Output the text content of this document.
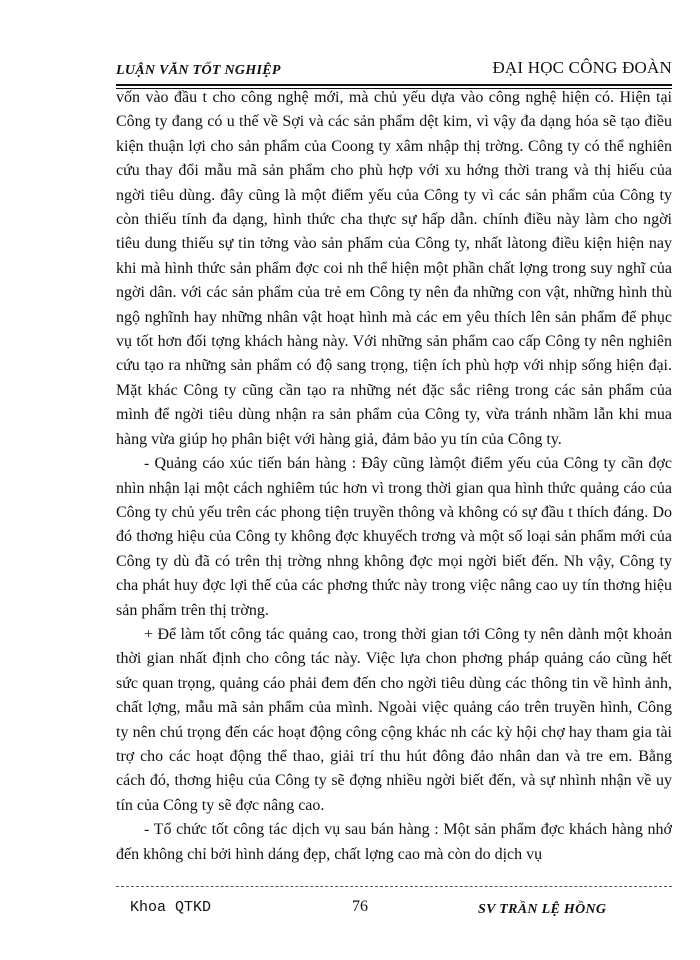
LUẬN VĂN TỐT NGHIỆP	ĐẠI HỌC CÔNG ĐOÀN

vốn vào đầu t cho công nghệ mới, mà chủ yếu dựa vào công nghệ hiện có. Hiện tại Công ty đang có u thế về Sợi và các sản phẩm dệt kim, vì vậy đa dạng hóa sẽ tạo điều kiện thuận lợi cho sản phẩm của Coong ty xâm nhập thị trờng. Công ty có thể nghiên cứu thay đổi mẫu mã sản phẩm cho phù hợp với xu hớng thời trang và thị hiếu của ngời tiêu dùng. đây cũng là một điểm yếu của Công ty vì các sản phẩm của Công ty còn thiếu tính đa dạng, hình thức cha thực sự hấp dẫn. chính điều này làm cho ngời tiêu dung thiếu sự tin tởng vào sản phẩm của Công ty, nhất làtong điều kiện hiện nay khi mà hình thức sản phẩm đợc coi nh thể hiện một phần chất lợng trong suy nghĩ của ngời dân. với các sản phẩm của trẻ em Công ty nên đa những con vật, những hình thù ngộ nghĩnh hay những nhân vật hoạt hình mà các em yêu thích lên sản phẩm để phục vụ tốt hơn đối tợng khách hàng này. Với những sản phẩm cao cấp Công ty nên nghiên cứu tạo ra những sản phẩm có độ sang trọng, tiện ích phù hợp với nhịp sống hiện đại. Mặt khác Công ty cũng cần tạo ra những nét đặc sắc riêng trong các sản phẩm của mình để ngời tiêu dùng nhận ra sản phẩm của Công ty, vừa tránh nhầm lẫn khi mua hàng vừa giúp họ phân biệt với hàng giả, đảm bảo yu tín của Công ty.

- Quảng cáo xúc tiến bán hàng : Đây cũng làmột điểm yếu của Công ty cần đợc nhìn nhận lại một cách nghiêm túc hơn vì trong thời gian qua hình thức quảng cáo của Công ty chủ yếu trên các phong tiện truyền thông và không có sự đầu t thích đáng. Do đó thơng hiệu của Công ty không đợc khuyếch trơng và một số loại sản phẩm mới của Công ty dù đã có trên thị trờng nhng không đợc mọi ngời biết đến. Nh vậy, Công ty cha phát huy đợc lợi thế của các phơng thức này trong việc nâng cao uy tín thơng hiệu sản phẩm trên thị trờng.

+ Để làm tốt công tác quảng cao, trong thời gian tới Công ty nên dành một khoản thời gian nhất định cho công tác này. Việc lựa chon phơng pháp quảng cáo cũng hết sức quan trọng, quảng cáo phải đem đến cho ngời tiêu dùng các thông tin về hình ảnh, chất lợng, mẫu mã sản phẩm của mình. Ngoài việc quảng cáo trên truyền hình, Công ty nên chú trọng đến các hoạt động công cộng khác nh các kỳ hội chợ hay tham gia tài trợ cho các hoạt động thể thao, giải trí thu hút đông đảo nhân dan và tre em. Bằng cách đó, thơng hiệu của Công ty sẽ đợng nhiều ngời biết đến, và sự nhình nhận về uy tín của Công ty sẽ đợc nâng cao.

- Tổ chức tốt công tác dịch vụ sau bán hàng : Một sản phẩm đợc khách hàng nhớ đến không chỉ bởi hình dáng đẹp, chất lợng cao mà còn do dịch vụ

Khoa QTKD	76	SV TRẦN LỆ HỒNG
